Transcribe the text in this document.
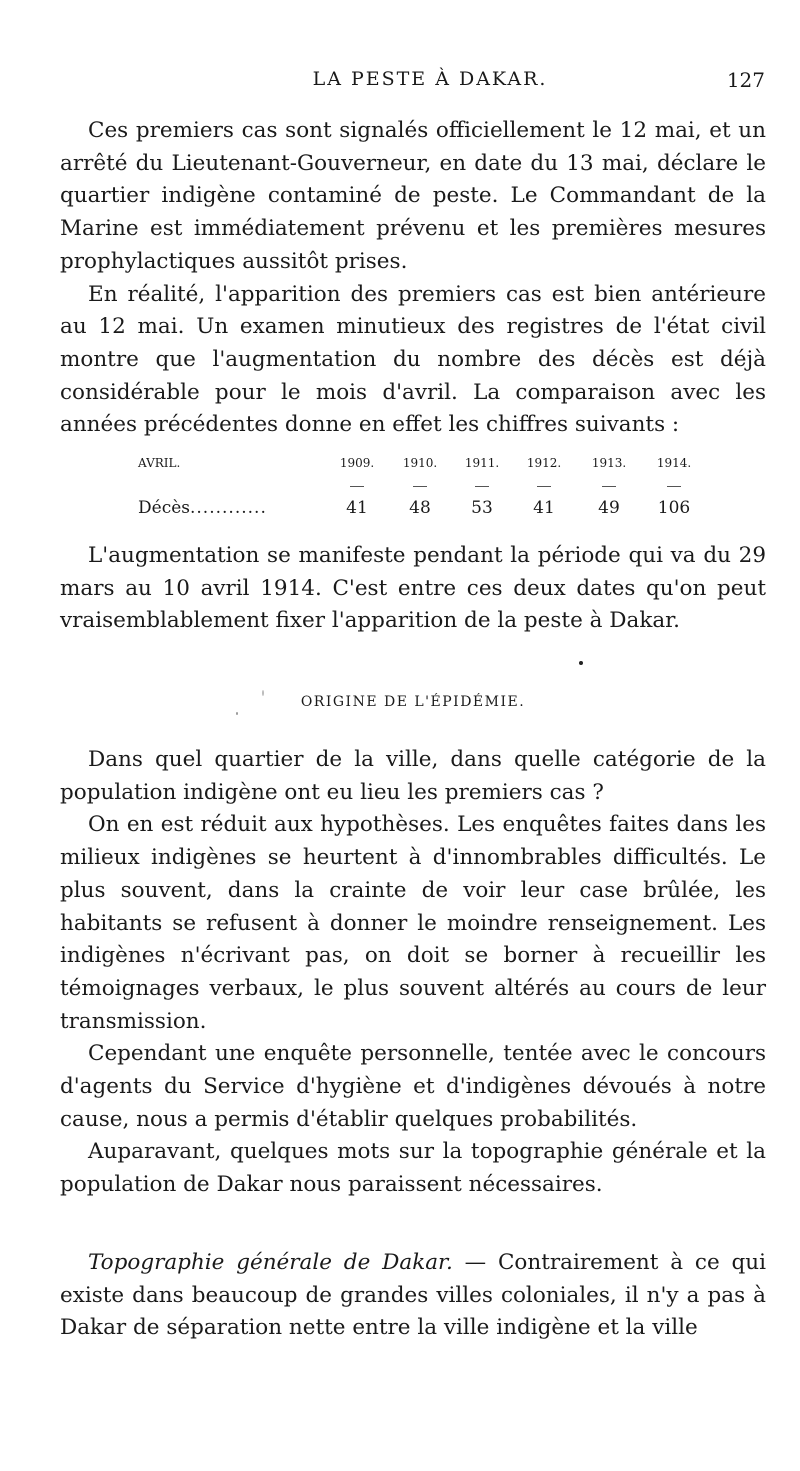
LA PESTE À DAKAR.	127

Ces premiers cas sont signalés officiellement le 12 mai, et un arrêté du Lieutenant-Gouverneur, en date du 13 mai, déclare le quartier indigène contaminé de peste. Le Commandant de la Marine est immédiatement prévenu et les premières mesures prophylactiques aussitôt prises.

En réalité, l'apparition des premiers cas est bien antérieure au 12 mai. Un examen minutieux des registres de l'état civil montre que l'augmentation du nombre des décès est déjà considérable pour le mois d'avril. La comparaison avec les années précédentes donne en effet les chiffres suivants :

AVRIL.	1909.	1910.	1911.	1912.	1913.	1914.
Décès............	41	48	53	41	49	106

L'augmentation se manifeste pendant la période qui va du 29 mars au 10 avril 1914. C'est entre ces deux dates qu'on peut vraisemblablement fixer l'apparition de la peste à Dakar.

ORIGINE DE L'ÉPIDÉMIE.

Dans quel quartier de la ville, dans quelle catégorie de la population indigène ont eu lieu les premiers cas ?

On en est réduit aux hypothèses. Les enquêtes faites dans les milieux indigènes se heurtent à d'innombrables difficultés. Le plus souvent, dans la crainte de voir leur case brûlée, les habitants se refusent à donner le moindre renseignement. Les indigènes n'écrivant pas, on doit se borner à recueillir les témoignages verbaux, le plus souvent altérés au cours de leur transmission.

Cependant une enquête personnelle, tentée avec le concours d'agents du Service d'hygiène et d'indigènes dévoués à notre cause, nous a permis d'établir quelques probabilités.

Auparavant, quelques mots sur la topographie générale et la population de Dakar nous paraissent nécessaires.

Topographie générale de Dakar. — Contrairement à ce qui existe dans beaucoup de grandes villes coloniales, il n'y a pas à Dakar de séparation nette entre la ville indigène et la ville
